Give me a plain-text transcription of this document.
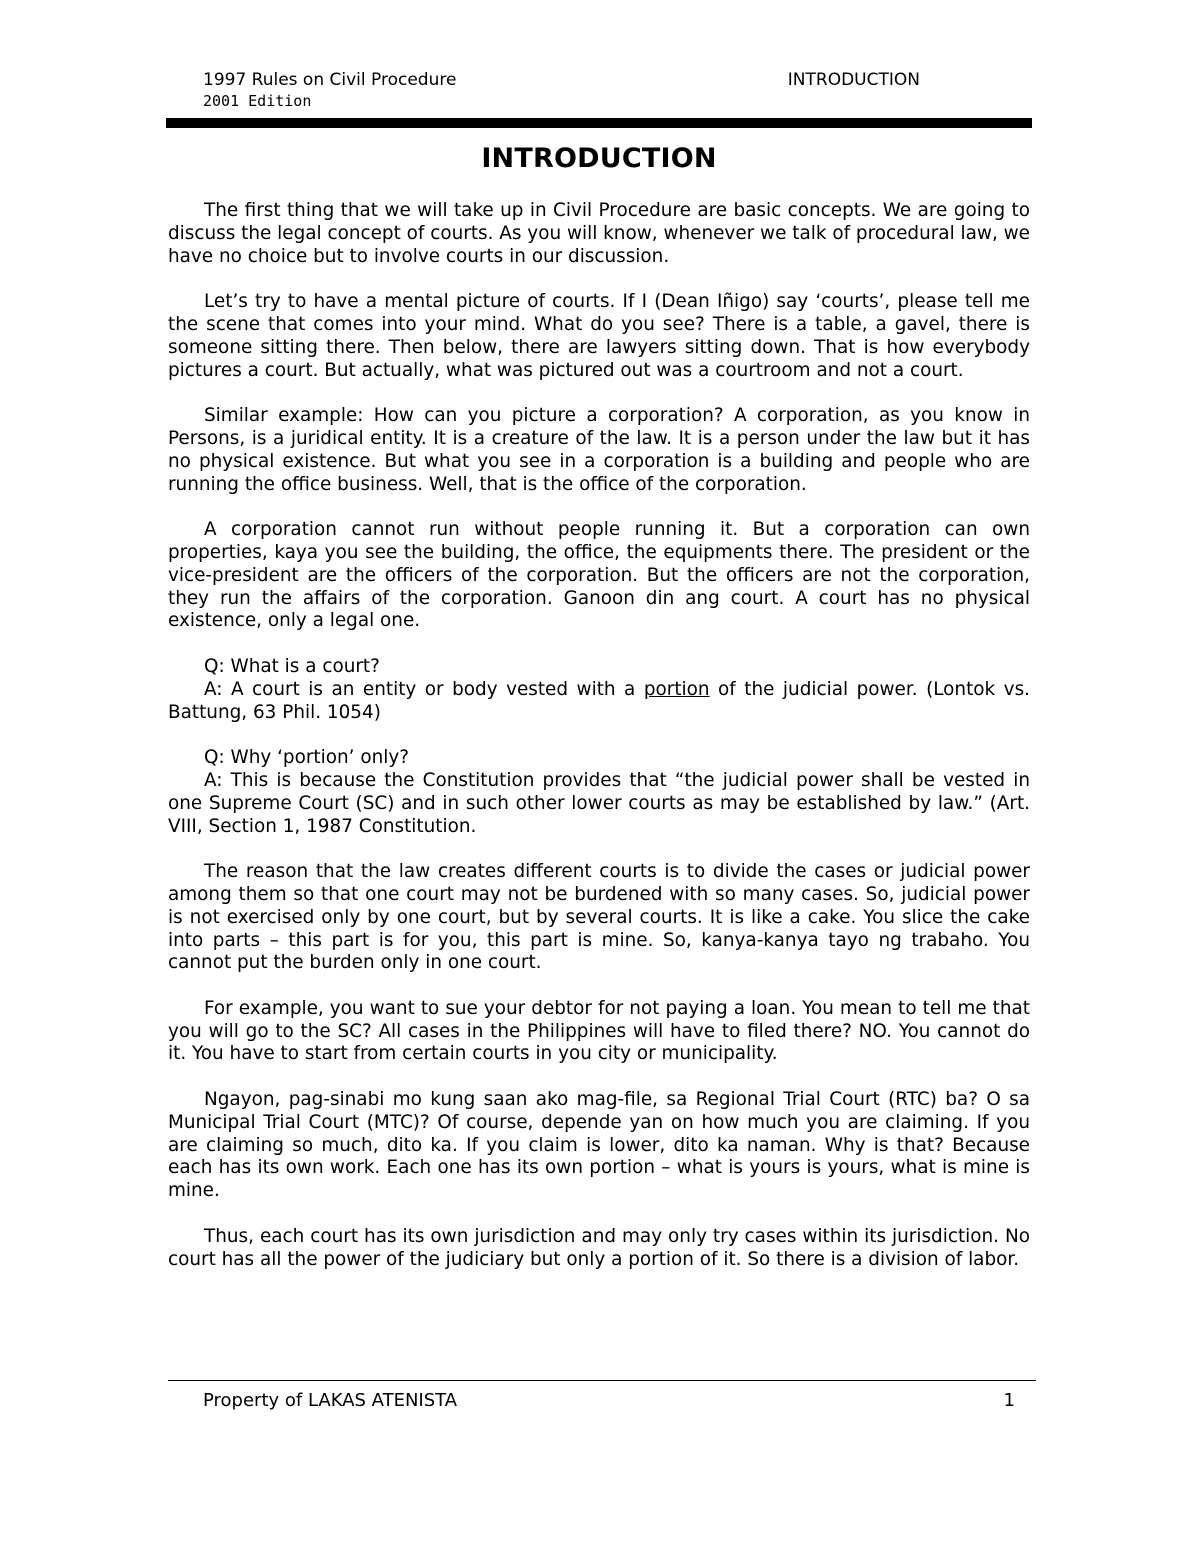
1997 Rules on Civil Procedure	INTRODUCTION
2001 Edition
INTRODUCTION

The first thing that we will take up in Civil Procedure are basic concepts. We are going to discuss the legal concept of courts. As you will know, whenever we talk of procedural law, we have no choice but to involve courts in our discussion.

Let’s try to have a mental picture of courts. If I (Dean Iñigo) say ‘courts’, please tell me the scene that comes into your mind. What do you see? There is a table, a gavel, there is someone sitting there. Then below, there are lawyers sitting down. That is how everybody pictures a court. But actually, what was pictured out was a courtroom and not a court.

Similar example: How can you picture a corporation? A corporation, as you know in Persons, is a juridical entity. It is a creature of the law. It is a person under the law but it has no physical existence. But what you see in a corporation is a building and people who are running the office business. Well, that is the office of the corporation.

A corporation cannot run without people running it. But a corporation can own properties, kaya you see the building, the office, the equipments there. The president or the vice-president are the officers of the corporation. But the officers are not the corporation, they run the affairs of the corporation. Ganoon din ang court. A court has no physical existence, only a legal one.

Q: What is a court?

A: A court is an entity or body vested with a portion of the judicial power. (Lontok vs. Battung, 63 Phil. 1054)

Q: Why ‘portion’ only?

A: This is because the Constitution provides that “the judicial power shall be vested in one Supreme Court (SC) and in such other lower courts as may be established by law.” (Art. VIII, Section 1, 1987 Constitution.

The reason that the law creates different courts is to divide the cases or judicial power among them so that one court may not be burdened with so many cases. So, judicial power is not exercised only by one court, but by several courts. It is like a cake. You slice the cake into parts – this part is for you, this part is mine. So, kanya-kanya tayo ng trabaho. You cannot put the burden only in one court.

For example, you want to sue your debtor for not paying a loan. You mean to tell me that you will go to the SC? All cases in the Philippines will have to filed there? NO. You cannot do it. You have to start from certain courts in you city or municipality.

Ngayon, pag-sinabi mo kung saan ako mag-file, sa Regional Trial Court (RTC) ba? O sa Municipal Trial Court (MTC)? Of course, depende yan on how much you are claiming. If you are claiming so much, dito ka. If you claim is lower, dito ka naman. Why is that? Because each has its own work. Each one has its own portion – what is yours is yours, what is mine is mine.

Thus, each court has its own jurisdiction and may only try cases within its jurisdiction. No court has all the power of the judiciary but only a portion of it. So there is a division of labor.

Property of LAKAS ATENISTA	1
